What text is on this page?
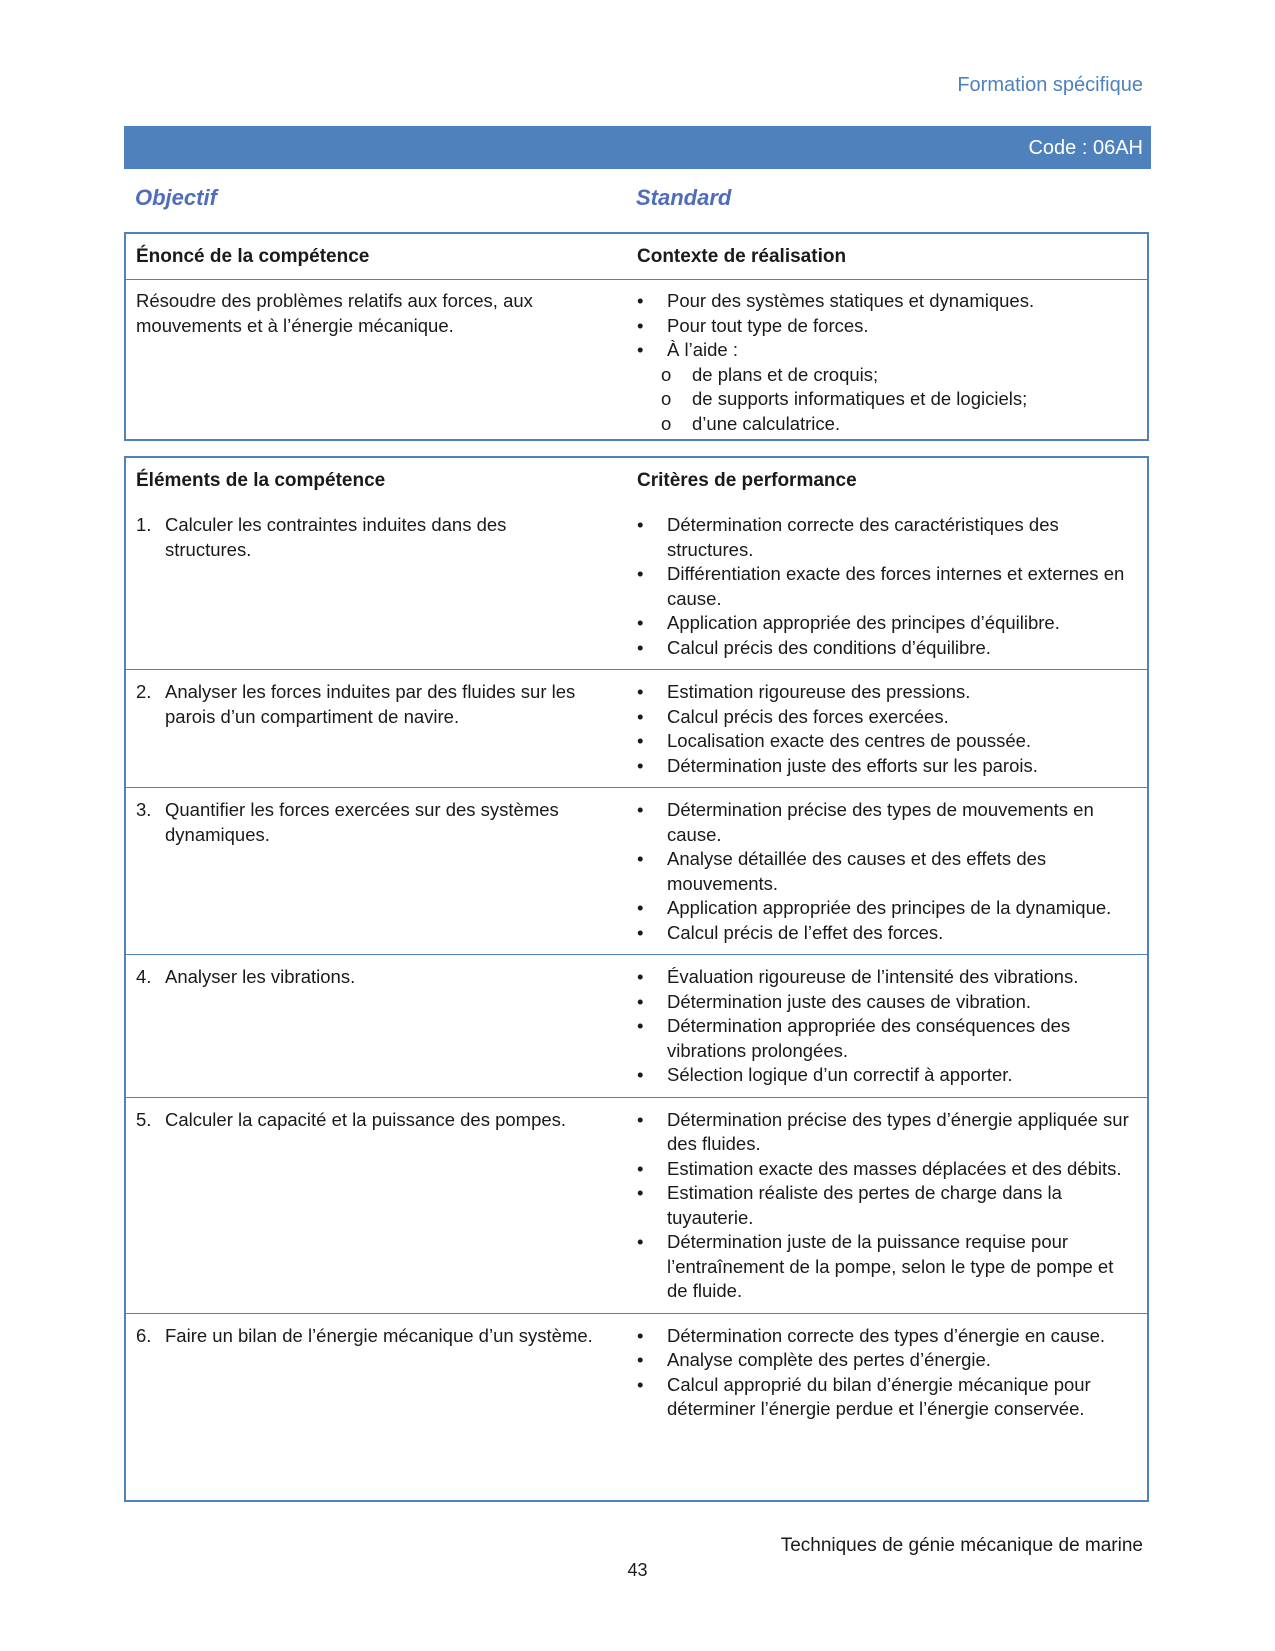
Formation spécifique
Code : 06AH
Objectif	Standard
Énoncé de la compétence	Contexte de réalisation
Résoudre des problèmes relatifs aux forces, aux mouvements et à l’énergie mécanique.
•	Pour des systèmes statiques et dynamiques.
•	Pour tout type de forces.
•	À l’aide :
o	de plans et de croquis;
o	de supports informatiques et de logiciels;
o	d’une calculatrice.
Éléments de la compétence	Critères de performance
1. Calculer les contraintes induites dans des structures.
•	Détermination correcte des caractéristiques des structures.
•	Différentiation exacte des forces internes et externes en cause.
•	Application appropriée des principes d’équilibre.
•	Calcul précis des conditions d’équilibre.
2. Analyser les forces induites par des fluides sur les parois d’un compartiment de navire.
•	Estimation rigoureuse des pressions.
•	Calcul précis des forces exercées.
•	Localisation exacte des centres de poussée.
•	Détermination juste des efforts sur les parois.
3. Quantifier les forces exercées sur des systèmes dynamiques.
•	Détermination précise des types de mouvements en cause.
•	Analyse détaillée des causes et des effets des mouvements.
•	Application appropriée des principes de la dynamique.
•	Calcul précis de l’effet des forces.
4. Analyser les vibrations.	•	Évaluation rigoureuse de l’intensité des vibrations.
•	Détermination juste des causes de vibration.
•	Détermination appropriée des conséquences des vibrations prolongées.
•	Sélection logique d’un correctif à apporter.
5. Calculer la capacité et la puissance des pompes.	•	Détermination précise des types d’énergie appliquée sur des fluides.
•	Estimation exacte des masses déplacées et des débits.
•	Estimation réaliste des pertes de charge dans la tuyauterie.
•	Détermination juste de la puissance requise pour l’entraînement de la pompe, selon le type de pompe et de fluide.
6. Faire un bilan de l’énergie mécanique d’un système.	•	Détermination correcte des types d’énergie en cause.
•	Analyse complète des pertes d’énergie.
•	Calcul approprié du bilan d’énergie mécanique pour déterminer l’énergie perdue et l’énergie conservée.
Techniques de génie mécanique de marine
43
